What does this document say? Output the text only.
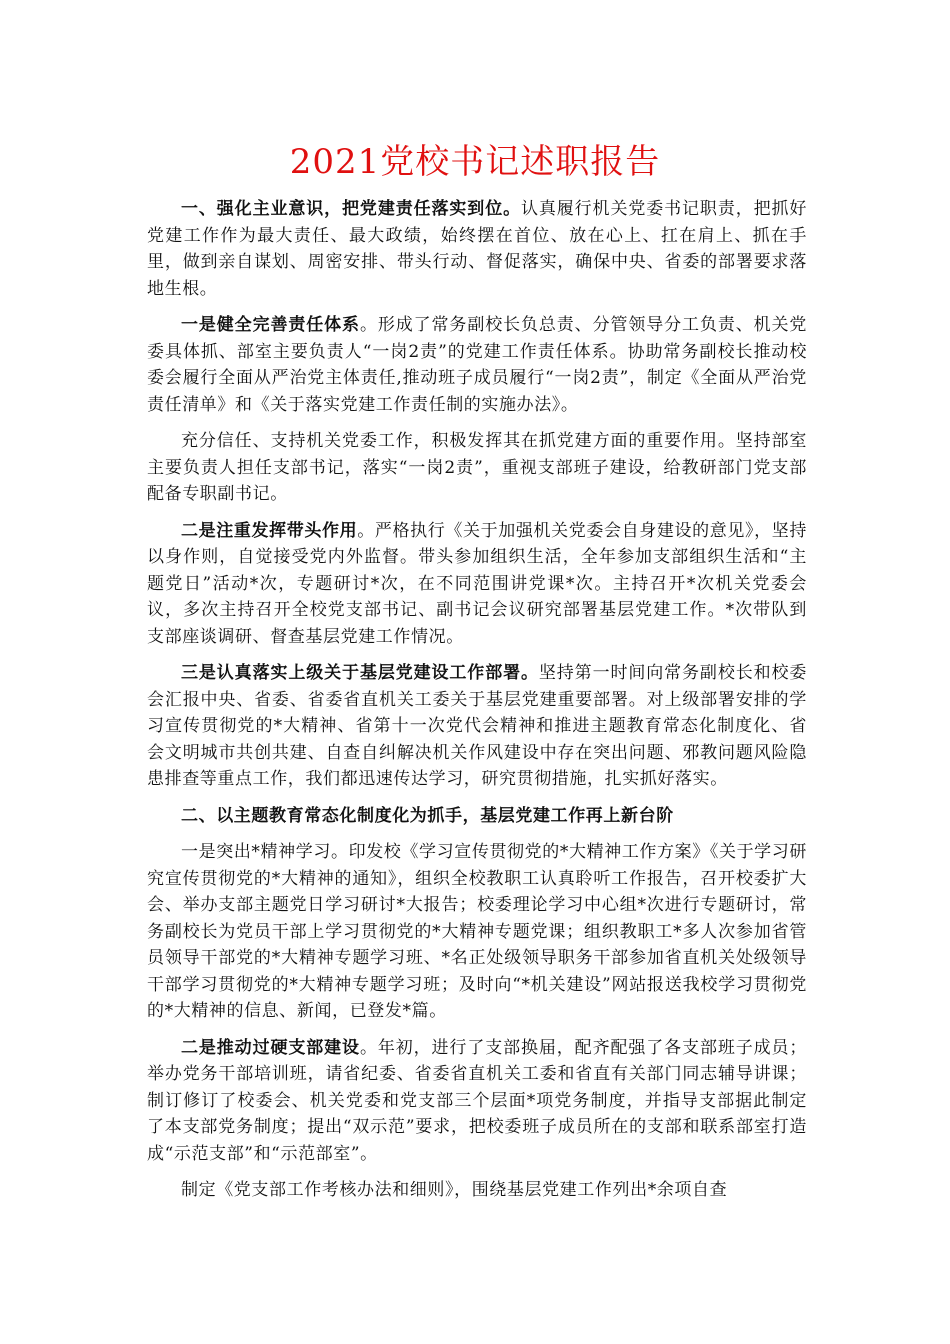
2021党校书记述职报告

一、强化主业意识，把党建责任落实到位。认真履行机关党委书记职责，把抓好党建工作作为最大责任、最大政绩，始终摆在首位、放在心上、扛在肩上、抓在手里，做到亲自谋划、周密安排、带头行动、督促落实，确保中央、省委的部署要求落地生根。

一是健全完善责任体系。形成了常务副校长负总责、分管领导分工负责、机关党委具体抓、部室主要负责人“一岗2责”的党建工作责任体系。协助常务副校长推动校委会履行全面从严治党主体责任,推动班子成员履行“一岗2责”，制定《全面从严治党责任清单》和《关于落实党建工作责任制的实施办法》。

充分信任、支持机关党委工作，积极发挥其在抓党建方面的重要作用。坚持部室主要负责人担任支部书记，落实“一岗2责”，重视支部班子建设，给教研部门党支部配备专职副书记。

二是注重发挥带头作用。严格执行《关于加强机关党委会自身建设的意见》，坚持以身作则，自觉接受党内外监督。带头参加组织生活，全年参加支部组织生活和“主题党日”活动*次，专题研讨*次，在不同范围讲党课*次。主持召开*次机关党委会议，多次主持召开全校党支部书记、副书记会议研究部署基层党建工作。*次带队到支部座谈调研、督查基层党建工作情况。

三是认真落实上级关于基层党建设工作部署。坚持第一时间向常务副校长和校委会汇报中央、省委、省委省直机关工委关于基层党建重要部署。对上级部署安排的学习宣传贯彻党的*大精神、省第十一次党代会精神和推进主题教育常态化制度化、省会文明城市共创共建、自查自纠解决机关作风建设中存在突出问题、邪教问题风险隐患排查等重点工作，我们都迅速传达学习，研究贯彻措施，扎实抓好落实。

二、以主题教育常态化制度化为抓手，基层党建工作再上新台阶

一是突出*精神学习。印发校《学习宣传贯彻党的*大精神工作方案》《关于学习研究宣传贯彻党的*大精神的通知》，组织全校教职工认真聆听工作报告，召开校委扩大会、举办支部主题党日学习研讨*大报告；校委理论学习中心组*次进行专题研讨，常务副校长为党员干部上学习贯彻党的*大精神专题党课；组织教职工*多人次参加省管员领导干部党的*大精神专题学习班、*名正处级领导职务干部参加省直机关处级领导干部学习贯彻党的*大精神专题学习班；及时向“*机关建设”网站报送我校学习贯彻党的*大精神的信息、新闻，已登发*篇。

二是推动过硬支部建设。年初，进行了支部换届，配齐配强了各支部班子成员；举办党务干部培训班，请省纪委、省委省直机关工委和省直有关部门同志辅导讲课；制订修订了校委会、机关党委和党支部三个层面*项党务制度，并指导支部据此制定了本支部党务制度；提出“双示范”要求，把校委班子成员所在的支部和联系部室打造成“示范支部”和“示范部室”。

制定《党支部工作考核办法和细则》，围绕基层党建工作列出*余项自查
